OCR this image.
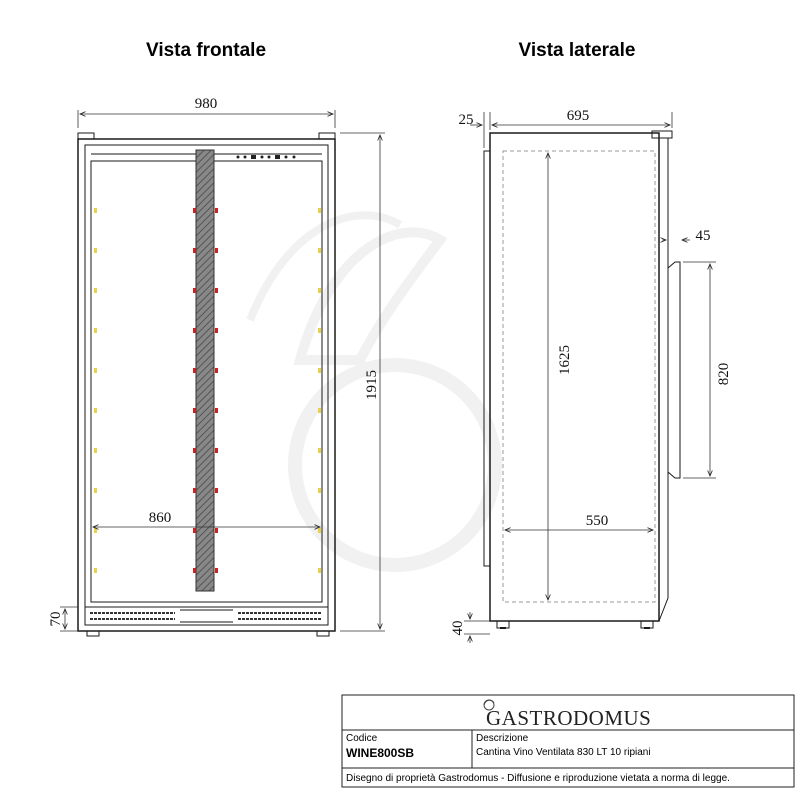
Vista frontale	Vista laterale
980
1915
860
70
25	695
1625
45
820
550
40
GASTRODOMUS
Codice
WINE800SB
Descrizione
Cantina Vino Ventilata 830 LT 10 ripiani
Disegno di proprietà Gastrodomus - Diffusione e riproduzione vietata a norma di legge.
